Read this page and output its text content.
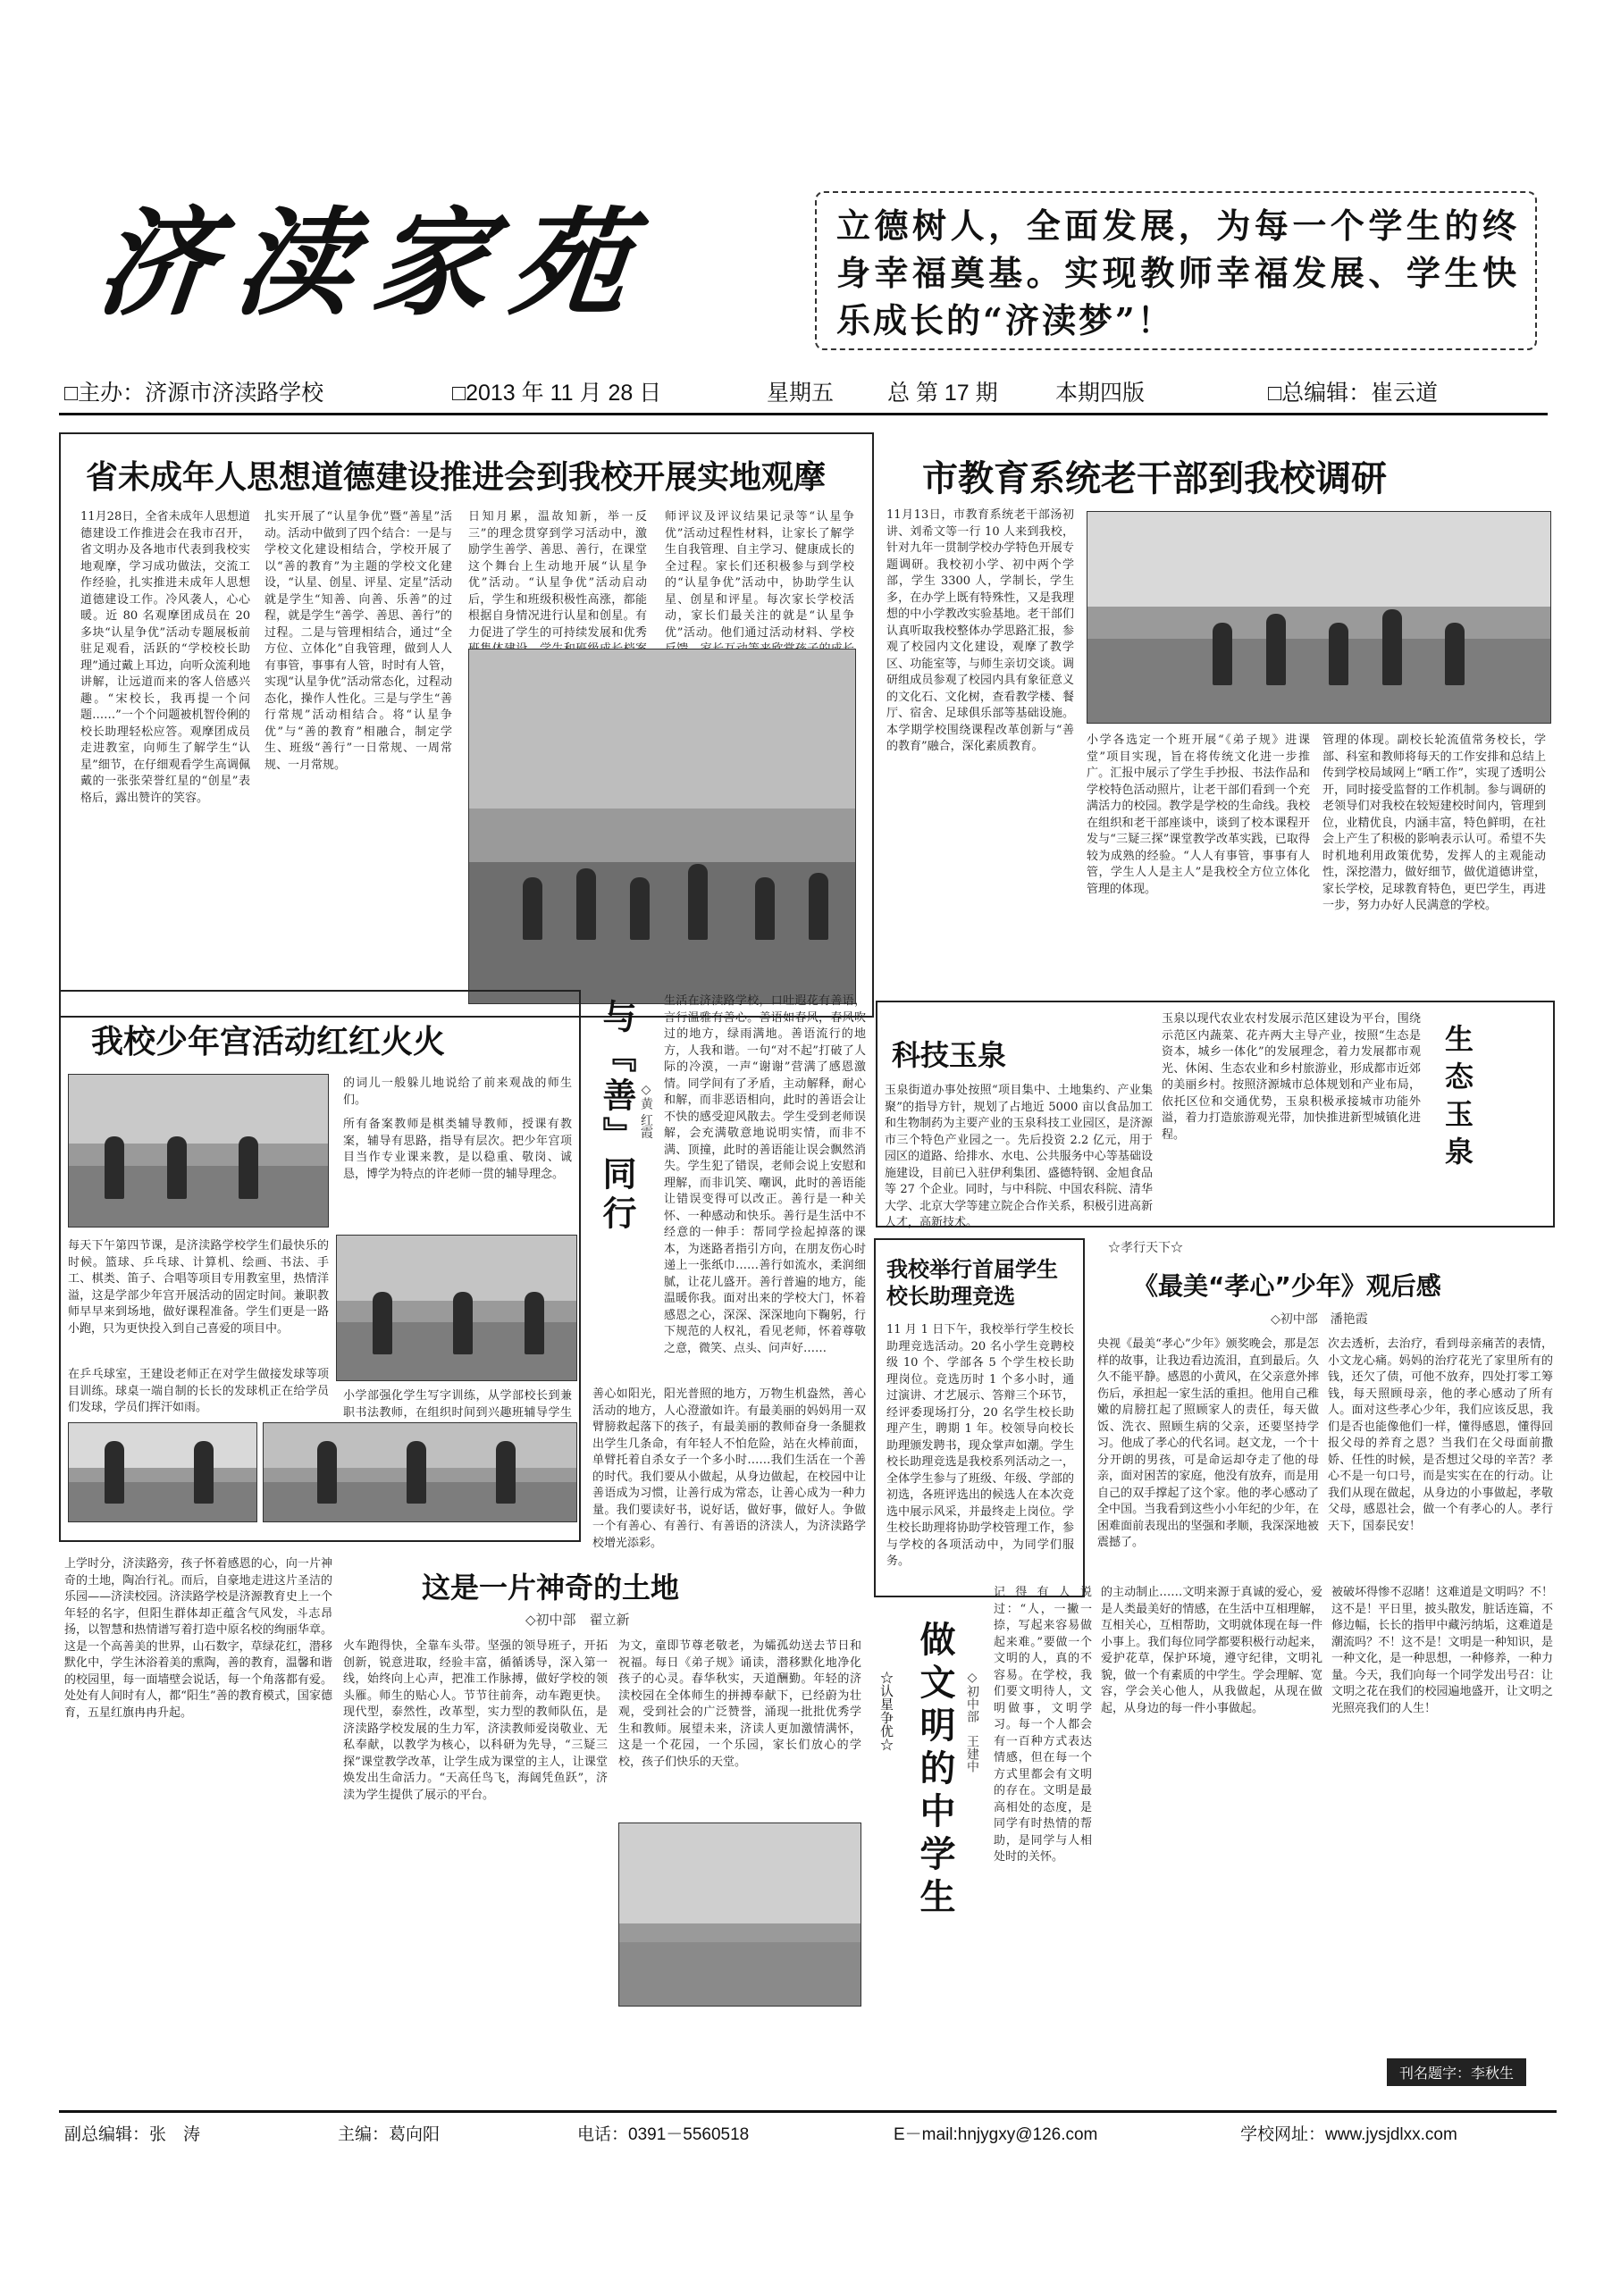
济渎家苑	立德树人，全面发展，为每一个学生的终身幸福奠基。实现教师幸福发展、学生快乐成长的“济渎梦”！
□主办：济源市济渎路学校	□2013 年 11 月 28 日	星期五 总 第 17 期	本期四版	□总编辑：崔云道
省未成年人思想道德建设推进会到我校开展实地观摩
11月28日，全省未成年人思想道德建设工作推进会在我市召开，省文明办及各地市代表到我校实地观摩，学习成功做法，交流工作经验，扎实推进未成年人思想道德建设工作。冷风袭人，心心暖。近 80 名观摩团成员在 20 多块“认星争优”活动专题展板前驻足观看，活跃的“学校校长助理”通过戴上耳边，向听众流利地讲解，让远道而来的客人倍感兴趣。“宋校长，我再提一个问题……”一个个问题被机智伶俐的校长助理轻松应答。观摩团成员走进教室，向师生了解学生“认星”细节，在仔细观看学生高调佩戴的一张张荣誉红星的“创星”表格后，露出赞许的笑容。
扎实开展了“认星争优”暨“善星”活动。活动中做到了四个结合：一是与学校文化建设相结合，学校开展了以“善的教育”为主题的学校文化建设，“认星、创星、评星、定星”活动就是学生“知善、向善、乐善”的过程，就是学生“善学、善思、善行”的过程。二是与管理相结合，通过“全方位、立体化”自我管理，做到人人有事管，事事有人管，时时有人管，实现“认星争优”活动常态化，过程动态化，操作人性化。三是与学生“善行常规”活动相结合。将“认星争优”与“善的教育”相融合，制定学生、班级“善行”一日常规、一周常规、一月常规。
日知月累，温故知新，举一反三”的理念贯穿到学习活动中，激励学生善学、善思、善行，在课堂这个舞台上生动地开展“认星争优”活动。“认星争优”活动启动后，学生和班级积极性高涨，都能根据自身情况进行认星和创星。有力促进了学生的可持续发展和优秀
师评议及评议结果记录等“认星争优”活动过程性材料，让家长了解学生自我管理、自主学习、健康成长的全过程。家长们还积极参与到学校的“认星争优”活动中，协助学生认星、创星和评星。每次家长学校活动，家长们最关注的就是“认星争优”活动。他们通过活动材料、学校
市教育系统老干部到我校调研
11月13日，市教育系统老干部汤初讲、刘希文等一行 10 人来到我校，针对九年一贯制学校办学特色开展专题调研。我校初小学、初中两个学部，学生 3300 人，学制长，学生多，在办学上既有特殊性，又是我理想的中小学教改实验基地。老干部们认真听取我校整体办学思路汇报，参观了校园内文化建设，观摩了教学区、功能室等，与师生亲切交谈。调研组成员参观了校园内具有象征意义的文化石、文化树，查看教学楼、餐厅、宿舍、足球俱乐部等基础设施。本学期学校围绕课程改革创新与“善的教育”融合，深化素质教育。	小学各选定一个班开展“《弟子规》进课堂”项目实现，旨在将传统文化进一步推广。汇报中展示了学生手抄报、书法作品和学校特色活动照片，让老干部们看到一个充满活力的校园。教学是学校的生命线。我校在组织和老干部座谈中，谈到了校本课程开发与“三疑三探”课堂教学改革实践，已取得较为成熟的经验。“人人有事管，事事有人管，学生人人是主人”是我校全方位立体化管理的体现。
管理的体现。副校长轮流值常务校长，学部、科室和教师将每天的工作安排和总结上传到学校局域网上“晒工作”，实现了透明公开，同时接受监督的工作机制。参与调研的老领导们对我校在较短建校时间内，管理到位，业精优良，内涵丰富，特色鲜明，在社会上产生了积极的影响表示认可。希望不失时机地利用政策优势，发挥人的主观能动性，深挖潜力，做好细节，做优道德讲堂，家长学校，足球教育特色，更巴学生，再进一步，努力办好人民满意的学校。
我校少年宫活动红红火火
的词儿一般躲儿地说给了前来观战的师生们。
所有备案教师是棋类辅导教师，授课有教案，辅导有思路，指导有层次。把少年宫项目当作专业课来教，是以稳重、敬岗、诚恳，博学为特点的许老师一贯的辅导理念。
每天下午第四节课，是济渎路学校学生们最快乐的时候。篮球、乒乓球、计算机、绘画、书法、手工、棋类、笛子、合唱等项目专用教室里，热情洋溢，这是学部少年宫开展活动的固定时间。兼职教师早早来到场地，做好课程准备。学生们更是一路小跑，只为更快投入到自己喜爱的项目中。
在乒乓球室，王建设老师正在对学生做接发球等项目训练。球桌一端自制的长长的发球机正在给学员们发球，学员们挥汗如雨。
小学部强化学生写字训练，从学部校长到兼职书法教师，在组织时间到兴趣班辅导学生
与『善』同行 ◇黄 红霞
生活在济渎路学校，口吐遐花有善语，言行温雅有善心。善语如春风，春风吹过的地方，绿雨满地。善语流行的地方，人我和谐。一句“对不起”打破了人际的冷漠，一声“谢谢”营满了感恩激情。同学间有了矛盾，主动解释，耐心和解，而非恶语相向，此时的善语会让不快的感受迎风散去。学生受到老师误解，会充满敬意地说明实情，而非不满、顶撞，此时的善语能让误会飘然消失。学生犯了错误，老师会说上安慰和理解，而非讥笑、嘲讽，此时的善语能让错误变得可以改正。善行是一种关怀、一种感动和快乐。善行是生活中不经意的一伸手：帮同学捡起掉落的课本，为迷路者指引方向，在朋友伤心时递上一张纸巾……善行如流水，柔润细腻，让花儿盛开。善行普遍的地方，能温暖你我。面对出来的学校大门，怀着感恩之心，深深、深深地向下鞠躬，行下规范的人权礼，看见老师，怀着尊敬之意，微笑、点头、问声好……
善心如阳光，阳光普照的地方，万物生机盎然，善心活动的地方，人心澄澈如许。有最美丽的妈妈用一双臂膀救起落下的孩子，有最美丽的教师奋身一条腿救出学生几条命，有年轻人不怕危险，站在火棒前面，单臂托着自杀女子一个多小时……我们生活在一个善的时代。我们要从小做起，从身边做起，在校园中让善语成为习惯，让善行成为常态，让善心成为一种力量。我们要读好书，说好话，做好事，做好人。争做一个有善心、有善行、有善语的济渎人，为济渎路学校增光添彩。
科技玉泉
玉泉街道办事处按照“项目集中、土地集约、产业集聚”的指导方针，规划了占地近 5000 亩以食品加工和生物制药为主要产业的玉泉科技工业园区，是济源市三个特色产业园之一。先后投资 2.2 亿元，用于园区的道路、给排水、水电、公共服务中心等基础设施建设，目前已入驻伊利集团、盛德特钢、金旭食品等 27 个企业。同时，与中科院、中国农科院、清华大学、北京大学等建立院企合作关系，积极引进高新人才，高新技术。
玉泉以现代农业农村发展示范区建设为平台，围绕示范区内蔬菜、花卉两大主导产业，按照“生态是资本，城乡一体化”的发展理念，着力发展都市观光、休闲、生态农业和乡村旅游业，形成都市近郊的美丽乡村。按照济源城市总体规划和产业布局，依托区位和交通优势，玉泉积极承接城市功能外溢，着力打造旅游观光带，加快推进新型城镇化进程。	生态玉泉
我校举行首届学生校长助理竞选
11 月 1 日下午，我校举行学生校长助理竞选活动。20 名小学生竞聘校级 10 个、学部各 5 个学生校长助理岗位。竞选历时 1 个多小时，通过演讲、才艺展示、答辩三个环节，经评委现场打分，20 名学生校长助理产生，聘期 1 年。校领导向校长助理颁发聘书，现众掌声如潮。学生校长助理竞选是我校系列活动之一，全体学生参与了班级、年级、学部的初选，各班评选出的候选人在本次竞选中展示风采，并最终走上岗位。学生校长助理将协助学校管理工作，参与学校的各项活动中，为同学们服务。
☆孝行天下☆
《最美“孝心”少年》观后感
◇初中部　潘艳霞
央视《最美“孝心”少年》颁奖晚会，那是怎样的故事，让我边看边流泪，直到最后。久久不能平静。感恩的小黄风，在父亲意外摔伤后，承担起一家生活的重担。他用自己稚嫩的肩膀扛起了照顾家人的责任，每天做饭、洗衣、照顾生病的父亲，还要坚持学习。他成了孝心的代名词。赵文龙，一个十分开朗的男孩，可是命运却夺走了他的母亲，面对困苦的家庭，他没有放弃，而是用自己的双手撑起了这个家。他的孝心感动了全中国。当我看到这些小小年纪的少年，在困难面前表现出的坚强和孝顺，我深深地被震撼了。
次去透析，去治疗，看到母亲痛苦的表情，小文龙心痛。妈妈的治疗花光了家里所有的钱，还欠了债，可他不放弃，四处打零工筹钱，每天照顾母亲，他的孝心感动了所有人。面对这些孝心少年，我们应该反思，我们是否也能像他们一样，懂得感恩，懂得回报父母的养育之恩？当我们在父母面前撒娇、任性的时候，是否想过父母的辛苦？孝心不是一句口号，而是实实在在的行动。让我们从现在做起，从身边的小事做起，孝敬父母，感恩社会，做一个有孝心的人。孝行天下，国泰民安！
这是一片神奇的土地
◇初中部　翟立新
上学时分，济渎路旁，孩子怀着感恩的心，向一片神奇的土地，陶冶行礼。而后，自豪地走进这片圣洁的乐园——济渎校园。济渎路学校是济源教育史上一个年轻的名字，但阳生群体却正蕴含气风发，斗志昂扬，以智慧和热情谱写着打造中原名校的绚丽华章。这是一个高善美的世界，山石数字，草绿花红，潜移默化中，学生沐浴着美的熏陶，善的教育，温馨和谐的校园里，每一面墙壁会说话，每一个角落都有爱。处处有人间时有人，都“阳生”善的教育模式，国家德育，五星红旗冉冉升起。
火车跑得快，全靠车头带。坚强的领导班子，开拓创新，锐意进取，经验丰富，循循诱导，深入第一线，始终向上心声，把准工作脉搏，做好学校的领头雁。师生的贴心人。节节往前奔，动车跑更快。现代型，泰然性，改革型，实力型的教师队伍，是济渎路学校发展的生力军，济渎教师爱岗敬业、无私奉献，以教学为核心，以科研为先导，“三疑三探”课堂教学改革，让学生成为课堂的主人，让课堂焕发出生命活力。“天高任鸟飞，海阔凭鱼跃”，济渎为学生提供了展示的平台。
为文，童即节尊老敬老，为孀孤幼送去节日和祝福。每日《弟子规》诵读，潜移默化地净化孩子的心灵。春华秋实，天道酬勤。年轻的济渎校园在全体师生的拼搏奉献下，已经蔚为壮观，受到社会的广泛赞誉，涌现一批批优秀学生和教师。展望未来，济读人更加激情满怀，这是一个花园，一个乐园，家长们放心的学校，孩子们快乐的天堂。
☆认星争优☆ 做文明的中学生 ◇初中部　王建中
记得有人说过：“人，一撇一捺，写起来容易做起来难。”要做一个文明的人，真的不容易。在学校，我们要文明待人，文明做事，文明学习。每一个人都会有一百种方式表达情感，但在每一个方式里都会有文明的存在。文明是最高相处的态度，是同学有时热情的帮助，是同学与人相处时的关怀。
的主动制止……文明来源于真诚的爱心，爱是人类最美好的情感，在生活中互相理解，互相关心，互相帮助，文明就体现在每一件小事上。我们每位同学都要积极行动起来，爱护花草，保护环境，遵守纪律，文明礼貌，做一个有素质的中学生。学会理解、宽容，学会关心他人，从我做起，从现在做起，从身边的每一件小事做起。
被破坏得惨不忍睹！这难道是文明吗？不！这不是！平日里，披头散发，脏话连篇，不修边幅，长长的指甲中藏污纳垢，这难道是潮流吗？不！这不是！文明是一种知识，是一种文化，是一种思想，一种修养，一种力量。今天，我们向每一个同学发出号召：让文明之花在我们的校园遍地盛开，让文明之光照亮我们的人生！
刊名题字：李秋生
副总编辑：张　涛	主编：葛向阳	电话：0391－5560518	E－mail:hnjygxy@126.com	学校网址：www.jysjdlxx.com
